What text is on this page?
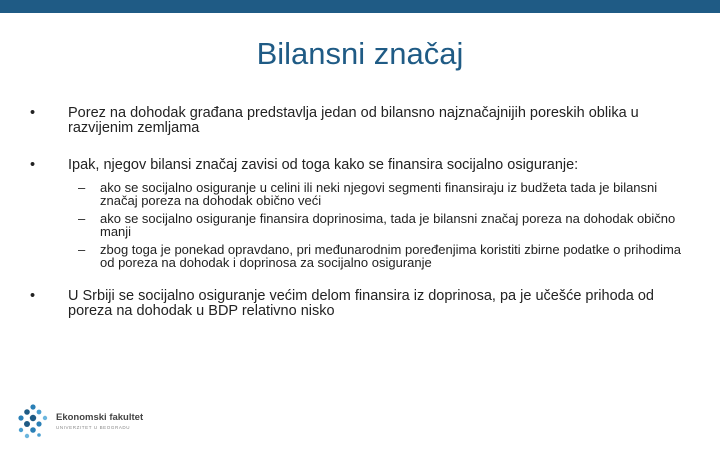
Bilansni značaj
• Porez na dohodak građana predstavlja jedan od bilansno najznačajnijih poreskih oblika u razvijenim zemljama
• Ipak, njegov bilansi značaj zavisi od toga kako se finansira socijalno osiguranje:
– ako se socijalno osiguranje u celini ili neki njegovi segmenti finansiraju iz budžeta tada je bilansni značaj poreza na dohodak obično veći
– ako se socijalno osiguranje finansira doprinosima, tada je bilansni značaj poreza na dohodak obično manji
– zbog toga je ponekad opravdano, pri međunarodnim poređenjima koristiti zbirne podatke o prihodima od poreza na dohodak i doprinosa za socijalno osiguranje
• U Srbiji se socijalno osiguranje većim delom finansira iz doprinosa, pa je učešće prihoda od poreza na dohodak u BDP relativno nisko
Ekonomski fakultet
UNIVERZITET U BEOGRADU
